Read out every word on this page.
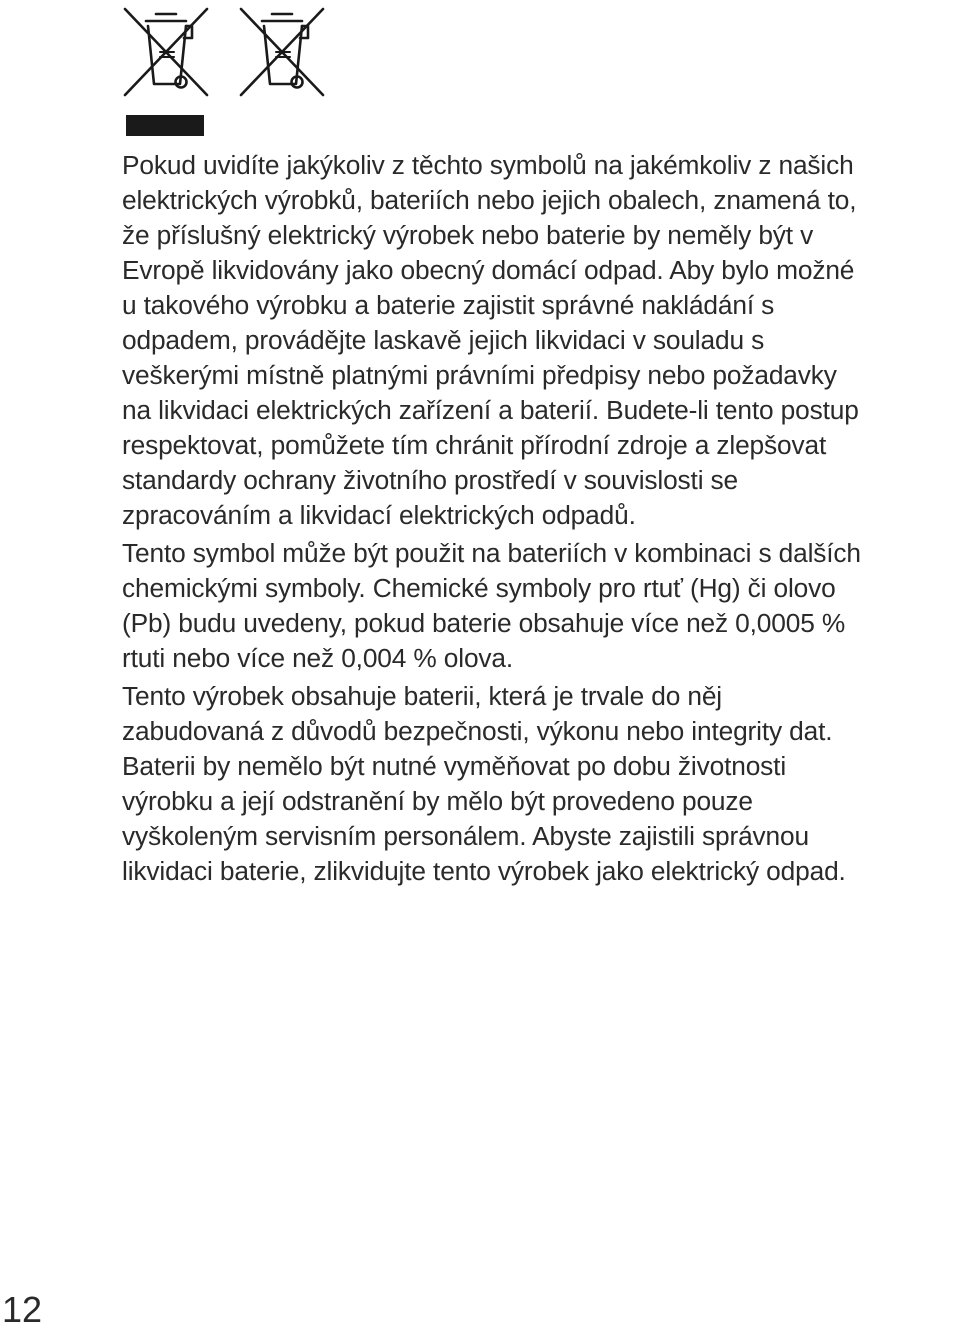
Pokud uvidíte jakýkoliv z těchto symbolů na jakémkoliv z našich
elektrických výrobků, bateriích nebo jejich obalech, znamená to,
že příslušný elektrický výrobek nebo baterie by neměly být v
Evropě likvidovány jako obecný domácí odpad. Aby bylo možné
u takového výrobku a baterie zajistit správné nakládání s
odpadem, provádějte laskavě jejich likvidaci v souladu s
veškerými místně platnými právními předpisy nebo požadavky
na likvidaci elektrických zařízení a baterií. Budete-li tento postup
respektovat, pomůžete tím chránit přírodní zdroje a zlepšovat
standardy ochrany životního prostředí v souvislosti se
zpracováním a likvidací elektrických odpadů.

Tento symbol může být použit na bateriích v kombinaci s dalších
chemickými symboly. Chemické symboly pro rtuť (Hg) či olovo
(Pb) budu uvedeny, pokud baterie obsahuje více než 0,0005 %
rtuti nebo více než 0,004 % olova.

Tento výrobek obsahuje baterii, která je trvale do něj
zabudovaná z důvodů bezpečnosti, výkonu nebo integrity dat.
Baterii by nemělo být nutné vyměňovat po dobu životnosti
výrobku a její odstranění by mělo být provedeno pouze
vyškoleným servisním personálem. Abyste zajistili správnou
likvidaci baterie, zlikvidujte tento výrobek jako elektrický odpad.

12
